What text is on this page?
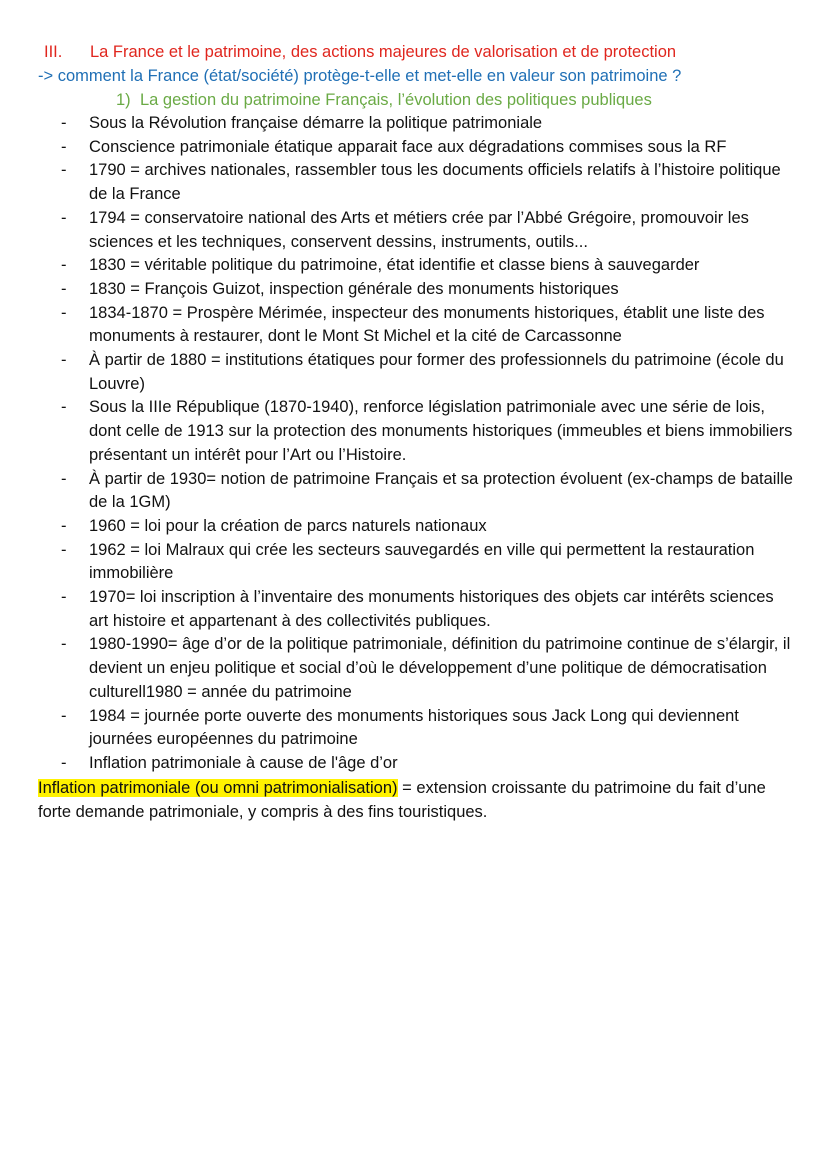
III. La France et le patrimoine, des actions majeures de valorisation et de protection
-> comment la France (état/société) protège-t-elle et met-elle en valeur son patrimoine ?
1) La gestion du patrimoine Français, l’évolution des politiques publiques
-	Sous la Révolution française démarre la politique patrimoniale
-	Conscience patrimoniale étatique apparait face aux dégradations commises sous la RF
-	1790 = archives nationales, rassembler tous les documents officiels relatifs à l’histoire politique de la France
-	1794 = conservatoire national des Arts et métiers crée par l’Abbé Grégoire, promouvoir les sciences et les techniques, conservent dessins, instruments, outils...
-	1830 = véritable politique du patrimoine, état identifie et classe biens à sauvegarder
-	1830 = François Guizot, inspection générale des monuments historiques
-	1834-1870 = Prospère Mérimée, inspecteur des monuments historiques, établit une liste des monuments à restaurer, dont le Mont St Michel et la cité de Carcassonne
-	À partir de 1880 = institutions étatiques pour former des professionnels du patrimoine (école du Louvre)
-	Sous la IIIe République (1870-1940), renforce législation patrimoniale avec une série de lois, dont celle de 1913 sur la protection des monuments historiques (immeubles et biens immobiliers présentant un intérêt pour l’Art ou l’Histoire.
-	À partir de 1930= notion de patrimoine Français et sa protection évoluent (ex-champs de bataille de la 1GM)
-	1960 = loi pour la création de parcs naturels nationaux
-	1962 = loi Malraux qui crée les secteurs sauvegardés en ville qui permettent la restauration immobilière
-	1970= loi inscription à l’inventaire des monuments historiques des objets car intérêts sciences art histoire et appartenant à des collectivités publiques.
-	1980-1990= âge d’or de la politique patrimoniale, définition du patrimoine continue de s’élargir, il devient un enjeu politique et social d’où le développement d’une politique de démocratisation culturell1980 = année du patrimoine
-	1984 = journée porte ouverte des monuments historiques sous Jack Long qui deviennent journées européennes du patrimoine
-	Inflation patrimoniale à cause de l'âge d’or
Inflation patrimoniale (ou omni patrimonialisation) = extension croissante du patrimoine du fait d’une forte demande patrimoniale, y compris à des fins touristiques.
